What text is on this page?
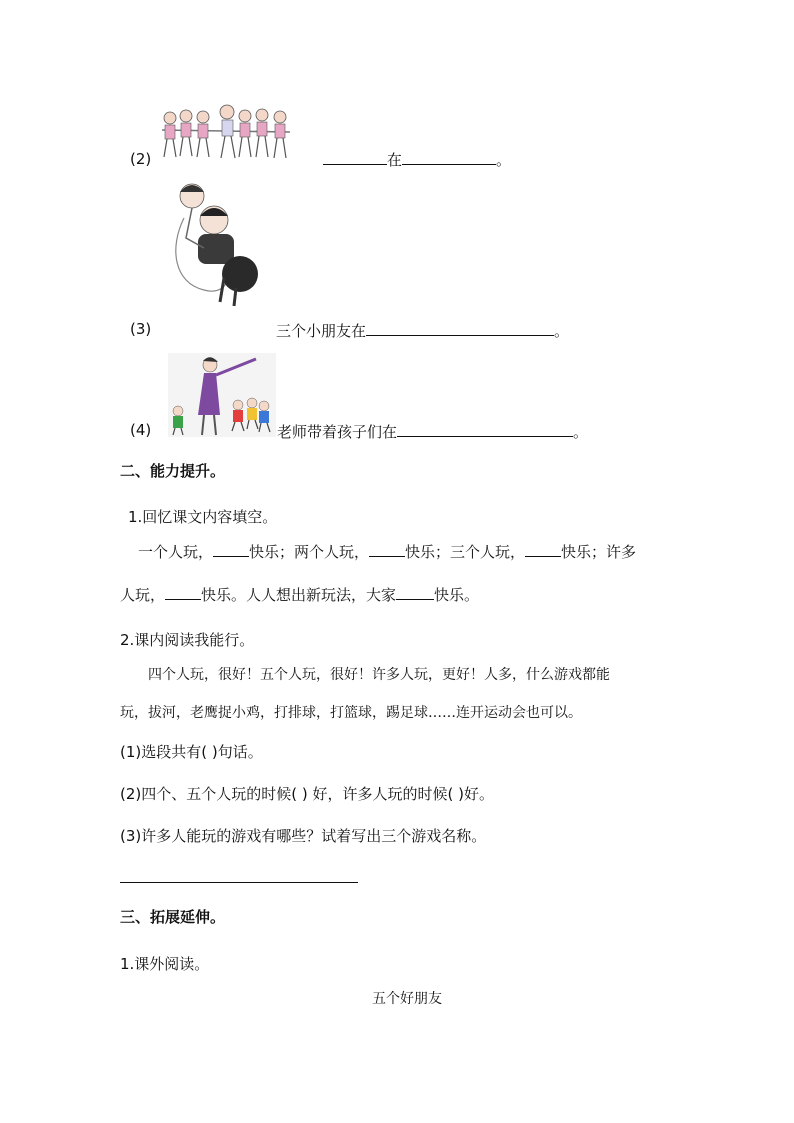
(2)	在	。
(3)	三个小朋友在	。
(4)	老师带着孩子们在	。
二、能力提升。
1.回忆课文内容填空。
一个人玩， 快乐；两个人玩， 快乐；三个人玩， 快乐；许多
人玩， 快乐。人人想出新玩法，大家	快乐。
2.课内阅读我能行。
四个人玩，很好！五个人玩，很好！许多人玩，更好！人多，什么游戏都能
玩，拔河，老鹰捉小鸡，打排球，打篮球，踢足球……连开运动会也可以。
(1)选段共有( )句话。
(2)四个、五个人玩的时候( ) 好，许多人玩的时候( )好。
(3)许多人能玩的游戏有哪些？试着写出三个游戏名称。
三、拓展延伸。
1.课外阅读。
五个好朋友
